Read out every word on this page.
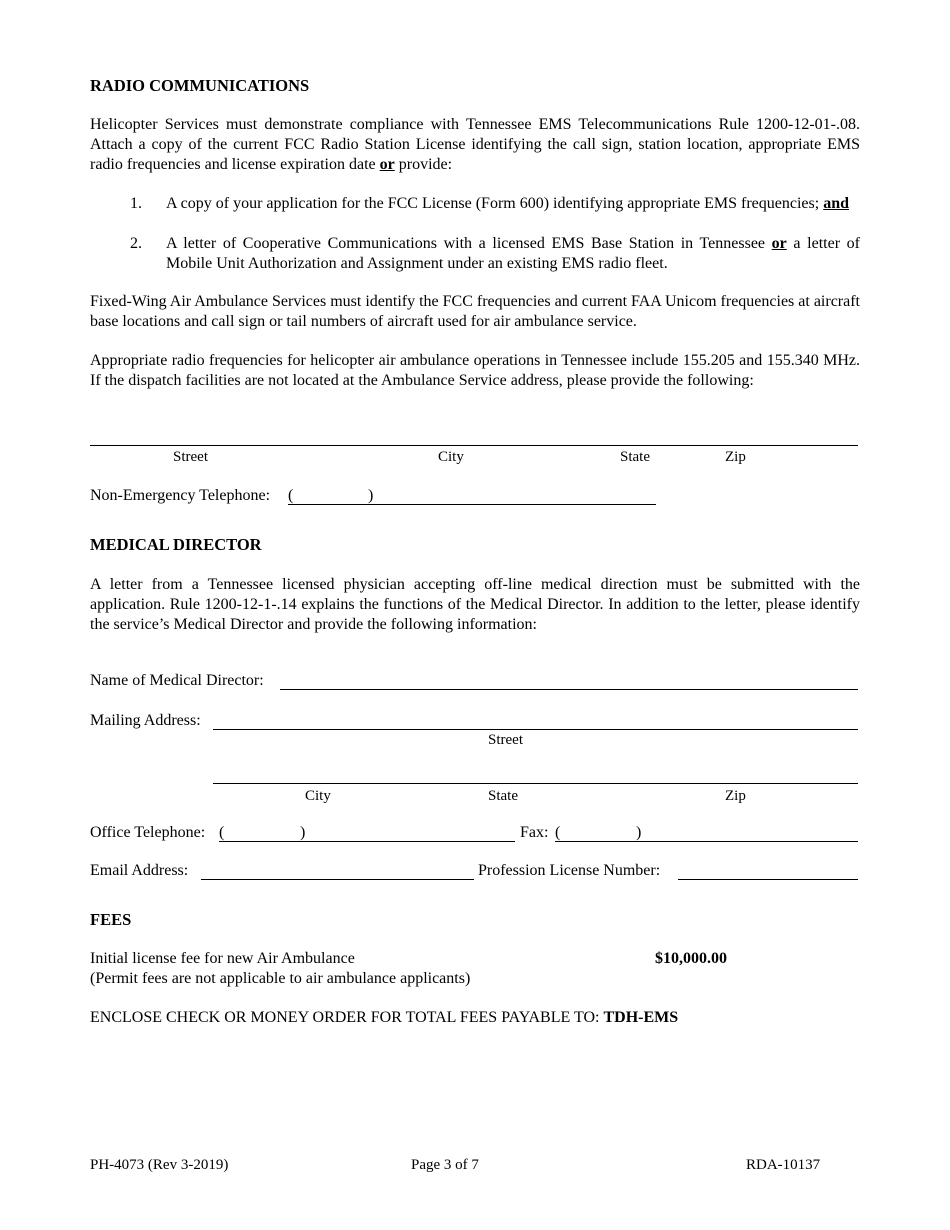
RADIO COMMUNICATIONS
Helicopter Services must demonstrate compliance with Tennessee EMS Telecommunications Rule 1200-12-01-.08. Attach a copy of the current FCC Radio Station License identifying the call sign, station location, appropriate EMS radio frequencies and license expiration date or provide:
1.	A copy of your application for the FCC License (Form 600) identifying appropriate EMS frequencies; and
2.	A letter of Cooperative Communications with a licensed EMS Base Station in Tennessee or a letter of Mobile Unit Authorization and Assignment under an existing EMS radio fleet.
Fixed-Wing Air Ambulance Services must identify the FCC frequencies and current FAA Unicom frequencies at aircraft base locations and call sign or tail numbers of aircraft used for air ambulance service.
Appropriate radio frequencies for helicopter air ambulance operations in Tennessee include 155.205 and 155.340 MHz. If the dispatch facilities are not located at the Ambulance Service address, please provide the following:
Street	City	State	Zip
Non-Emergency Telephone: (	)
MEDICAL DIRECTOR
A letter from a Tennessee licensed physician accepting off-line medical direction must be submitted with the application. Rule 1200-12-1-.14 explains the functions of the Medical Director. In addition to the letter, please identify the service’s Medical Director and provide the following information:
Name of Medical Director:
Mailing Address:
Street
City	State	Zip
Office Telephone: (	)	Fax: (	)
Email Address:	Profession License Number:
FEES
Initial license fee for new Air Ambulance
(Permit fees are not applicable to air ambulance applicants)
$10,000.00
ENCLOSE CHECK OR MONEY ORDER FOR TOTAL FEES PAYABLE TO: TDH-EMS
PH-4073 (Rev 3-2019)	Page 3 of 7	RDA-10137
